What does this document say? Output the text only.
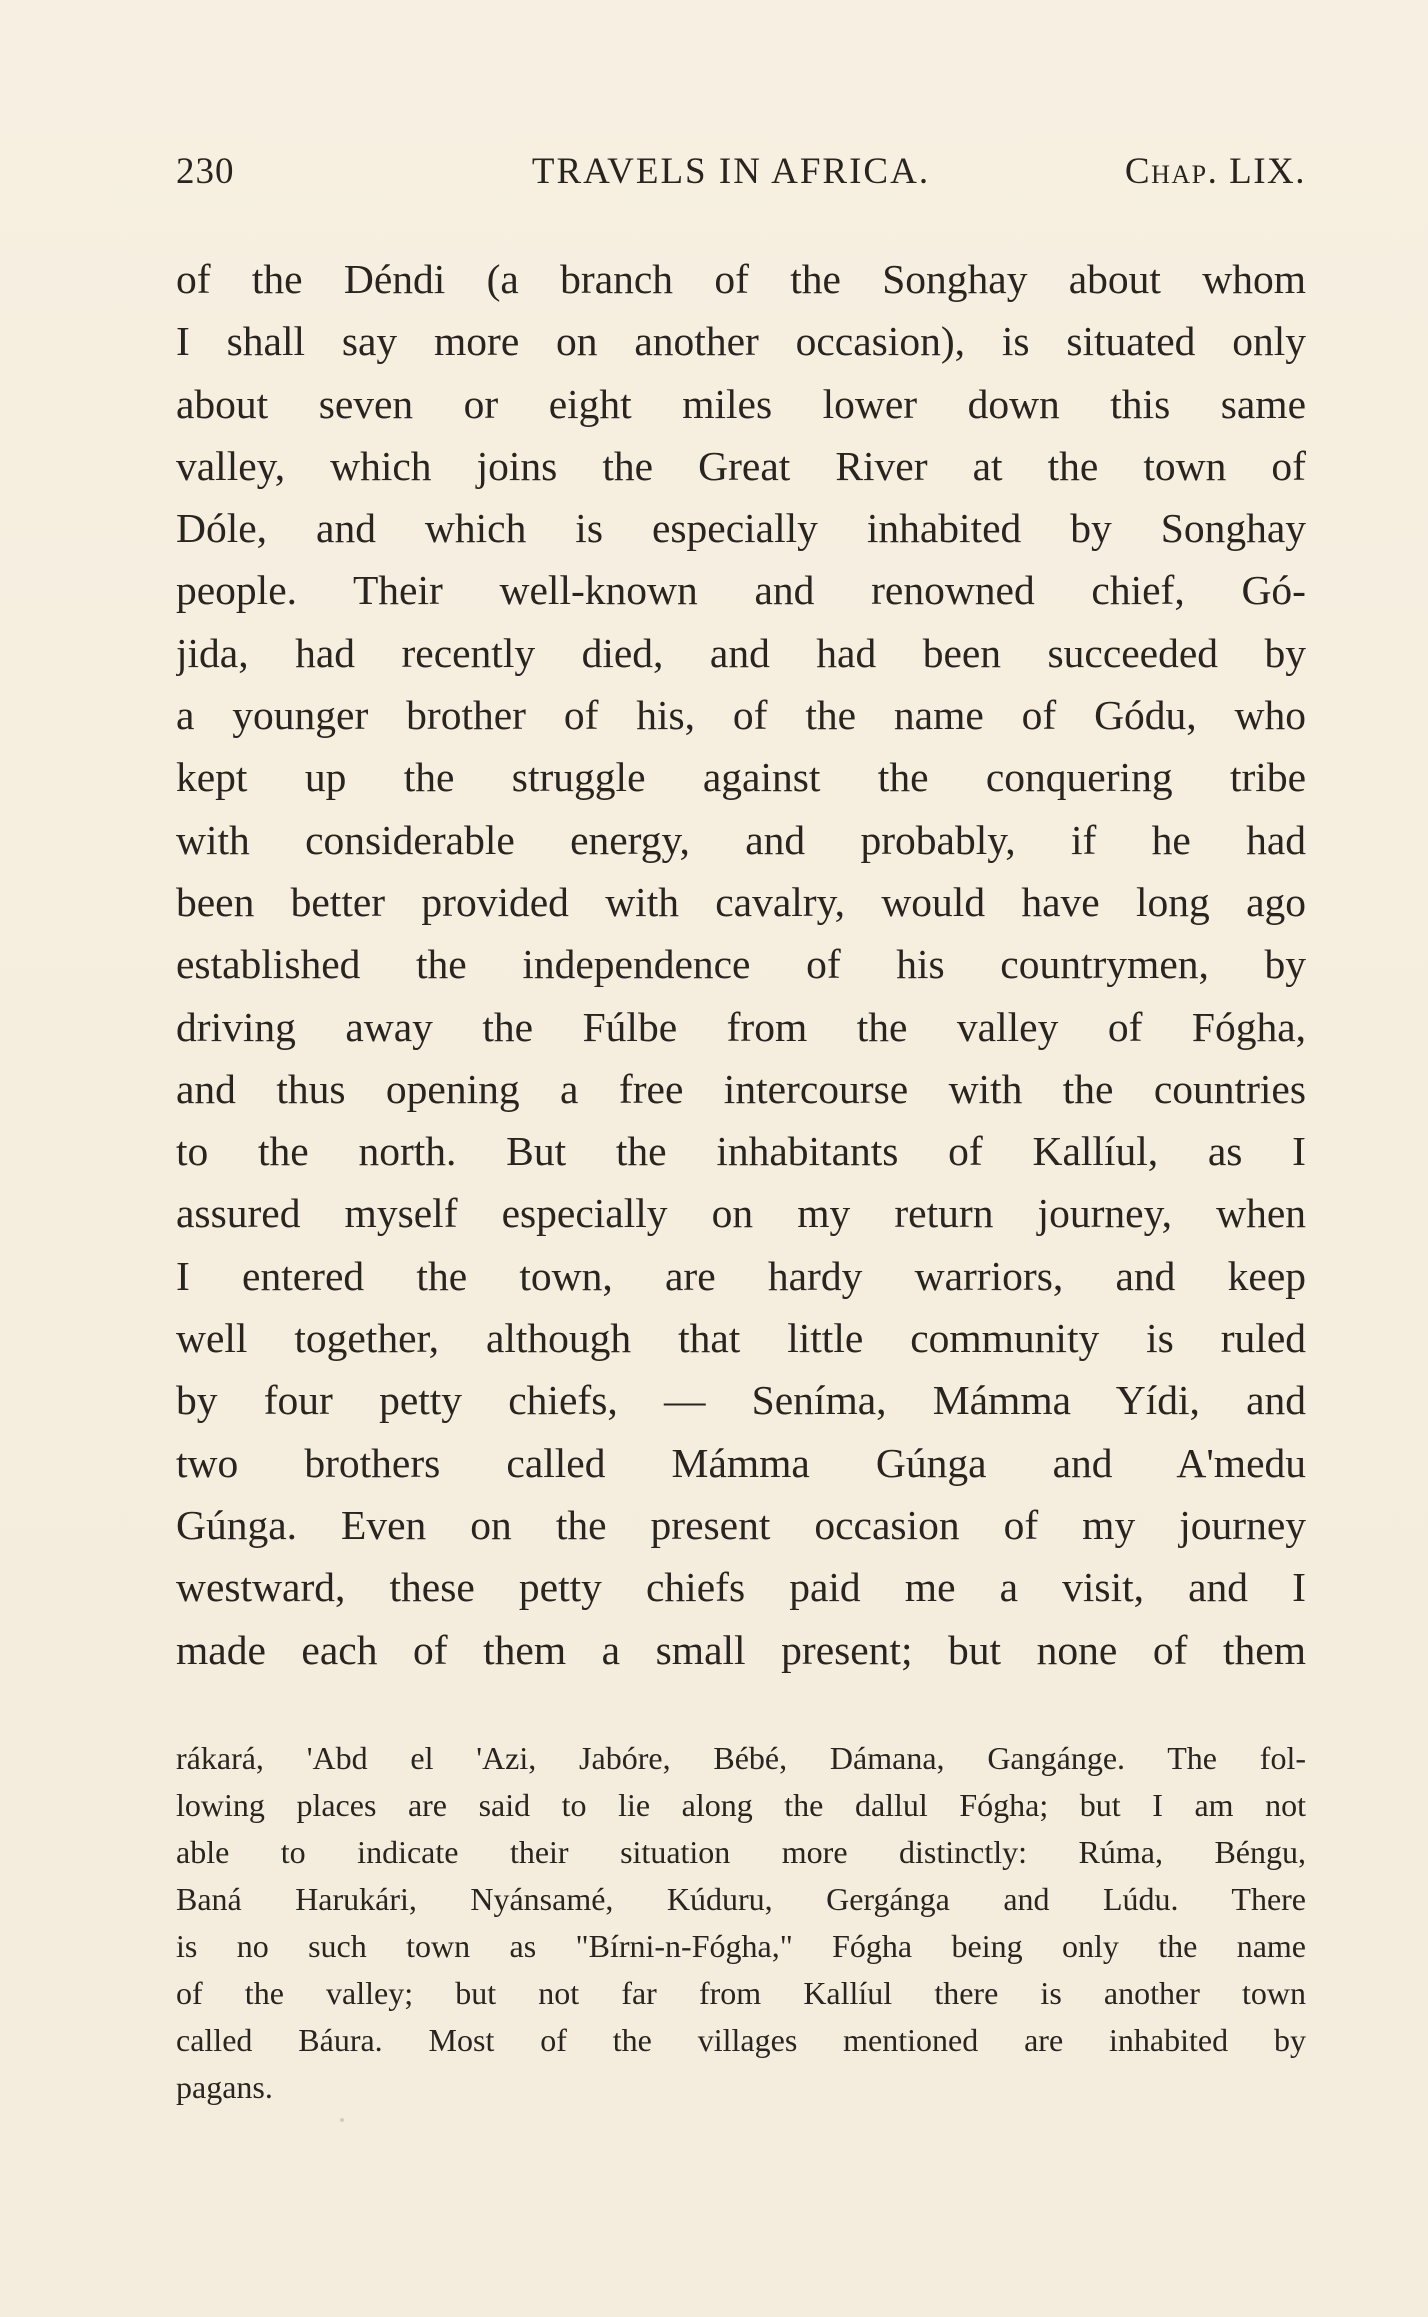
230	TRAVELS IN AFRICA.	Chap. LIX.
of the Déndi (a branch of the Songhay about whom
I shall say more on another occasion), is situated only
about seven or eight miles lower down this same
valley, which joins the Great River at the town of
Dóle, and which is especially inhabited by Songhay
people. Their well-known and renowned chief, Gó-
jida, had recently died, and had been succeeded by
a younger brother of his, of the name of Gódu, who
kept up the struggle against the conquering tribe
with considerable energy, and probably, if he had
been better provided with cavalry, would have long ago
established the independence of his countrymen, by
driving away the Fúlbe from the valley of Fógha,
and thus opening a free intercourse with the countries
to the north. But the inhabitants of Kallíul, as I
assured myself especially on my return journey, when
I entered the town, are hardy warriors, and keep
well together, although that little community is ruled
by four petty chiefs, — Seníma, Mámma Yídi, and
two brothers called Mámma Gúnga and A'medu
Gúnga. Even on the present occasion of my journey
westward, these petty chiefs paid me a visit, and I
made each of them a small present; but none of them
rákará, 'Abd el 'Azi, Jabóre, Bébé, Dámana, Gangánge. The fol-
lowing places are said to lie along the dallul Fógha; but I am not
able to indicate their situation more distinctly: Rúma, Béngu,
Baná Harukári, Nyánsamé, Kúduru, Gergánga and Lúdu. There
is no such town as "Bírni-n-Fógha," Fógha being only the name
of the valley; but not far from Kallíul there is another town
called Báura. Most of the villages mentioned are inhabited by
pagans.
